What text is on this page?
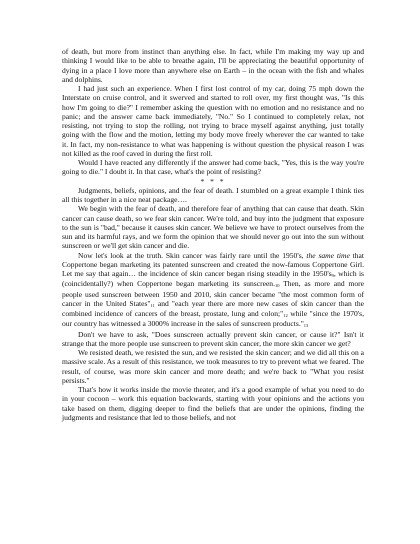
of death, but more from instinct than anything else. In fact, while I'm making my way up and thinking I would like to be able to breathe again, I'll be appreciating the beautiful opportunity of dying in a place I love more than anywhere else on Earth – in the ocean with the fish and whales and dolphins.

I had just such an experience. When I first lost control of my car, doing 75 mph down the Interstate on cruise control, and it swerved and started to roll over, my first thought was, "Is this how I'm going to die?" I remember asking the question with no emotion and no resistance and no panic; and the answer came back immediately, "No." So I continued to completely relax, not resisting, not trying to stop the rolling, not trying to brace myself against anything, just totally going with the flow and the motion, letting my body move freely wherever the car wanted to take it. In fact, my non-resistance to what was happening is without question the physical reason I was not killed as the roof caved in during the first roll.

Would I have reacted any differently if the answer had come back, "Yes, this is the way you're going to die." I doubt it. In that case, what's the point of resisting?

* * *

Judgments, beliefs, opinions, and the fear of death. I stumbled on a great example I think ties all this together in a nice neat package….

We begin with the fear of death, and therefore fear of anything that can cause that death. Skin cancer can cause death, so we fear skin cancer. We're told, and buy into the judgment that exposure to the sun is "bad," because it causes skin cancer. We believe we have to protect ourselves from the sun and its harmful rays, and we form the opinion that we should never go out into the sun without sunscreen or we'll get skin cancer and die.

Now let's look at the truth. Skin cancer was fairly rare until the 1950's, the same time that Coppertone began marketing its patented sunscreen and created the now-famous Coppertone Girl. Let me say that again… the incidence of skin cancer began rising steadily in the 1950's9, which is (coincidentally?) when Coppertone began marketing its sunscreen.10 Then, as more and more people used sunscreen between 1950 and 2010, skin cancer became "the most common form of cancer in the United States"11 and "each year there are more new cases of skin cancer than the combined incidence of cancers of the breast, prostate, lung and colon;"12 while "since the 1970's, our country has witnessed a 3000% increase in the sales of sunscreen products."13

Don't we have to ask, "Does sunscreen actually prevent skin cancer, or cause it?" Isn't it strange that the more people use sunscreen to prevent skin cancer, the more skin cancer we get?

We resisted death, we resisted the sun, and we resisted the skin cancer; and we did all this on a massive scale. As a result of this resistance, we took measures to try to prevent what we feared. The result, of course, was more skin cancer and more death; and we're back to "What you resist persists."

That's how it works inside the movie theater, and it's a good example of what you need to do in your cocoon – work this equation backwards, starting with your opinions and the actions you take based on them, digging deeper to find the beliefs that are under the opinions, finding the judgments and resistance that led to those beliefs, and not
